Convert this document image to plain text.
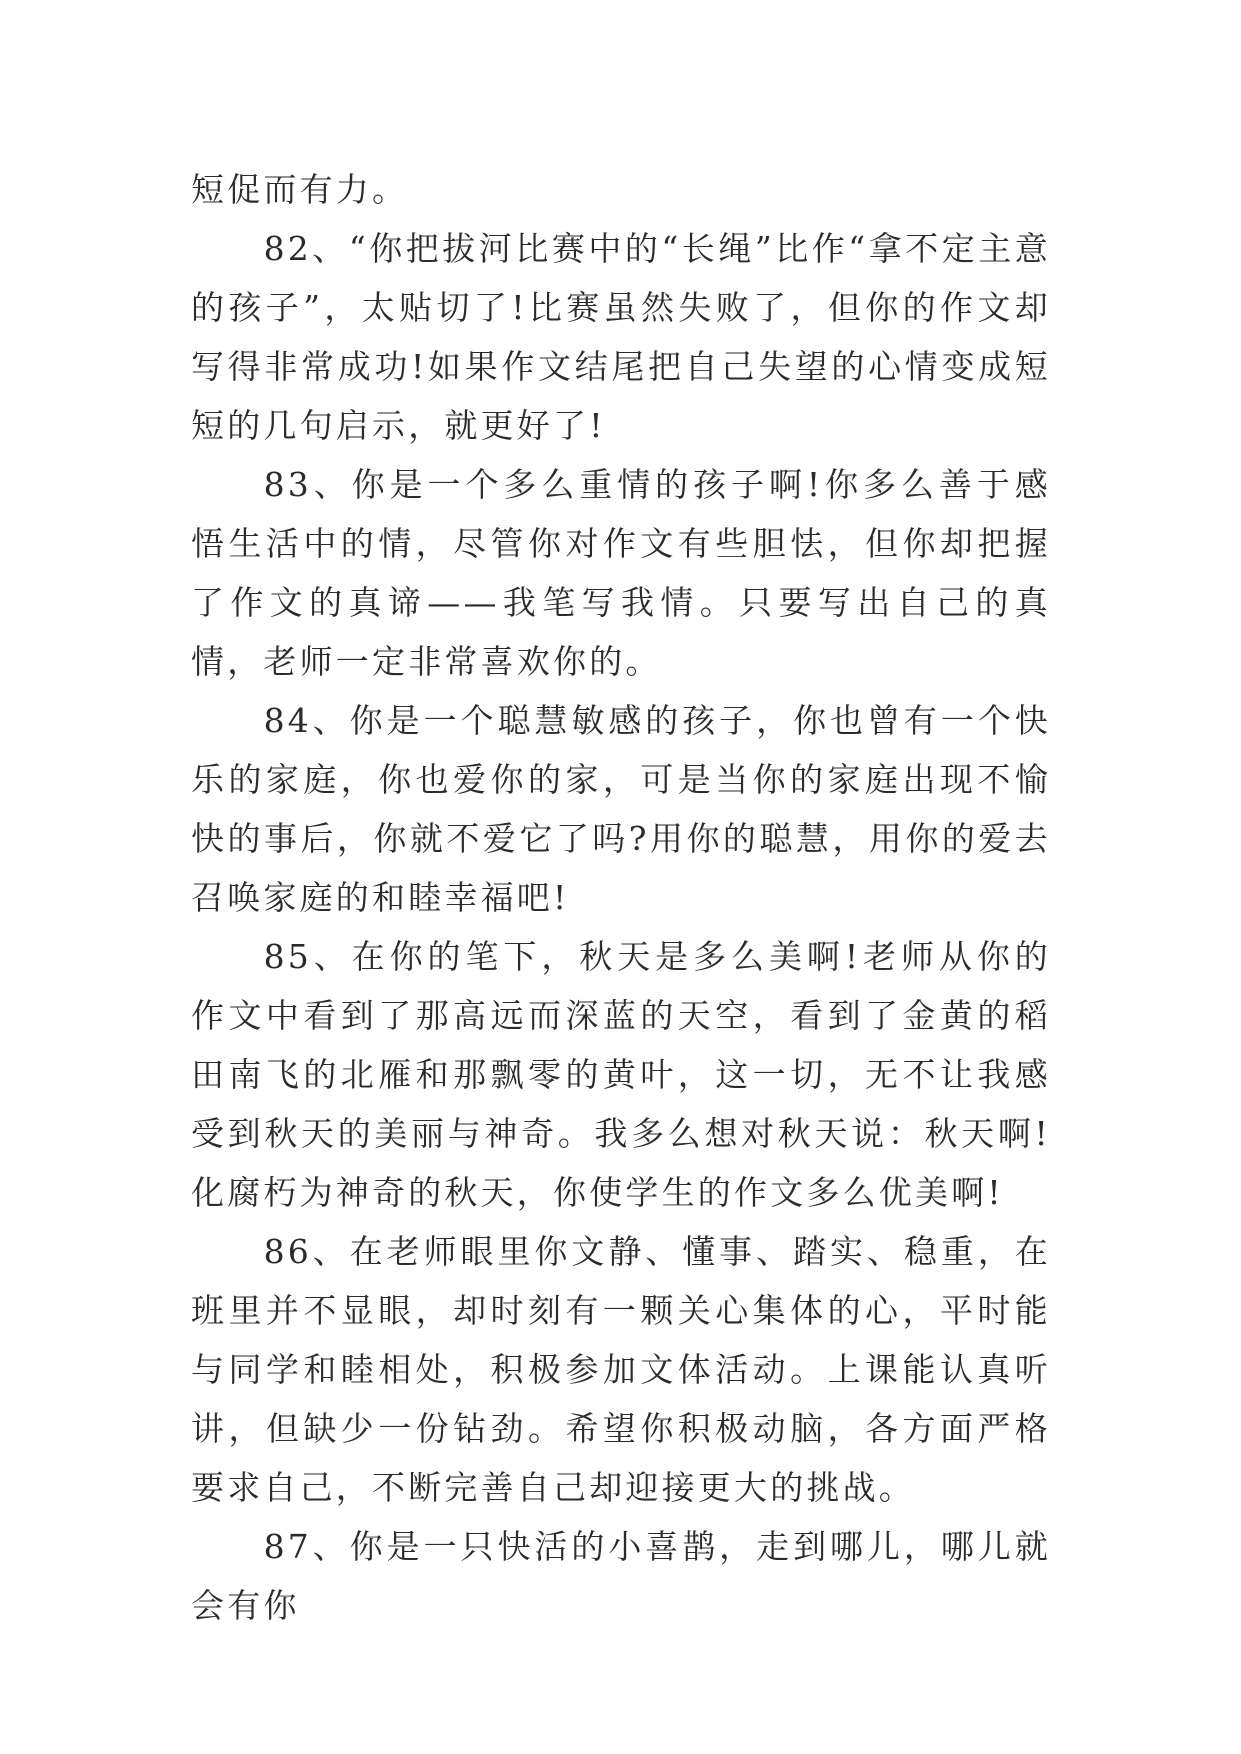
短促而有力。

82、“你把拔河比赛中的“长绳”比作“拿不定主意的孩子”，太贴切了!比赛虽然失败了，但你的作文却写得非常成功!如果作文结尾把自己失望的心情变成短短的几句启示，就更好了!

83、你是一个多么重情的孩子啊!你多么善于感悟生活中的情，尽管你对作文有些胆怯，但你却把握了作文的真谛——我笔写我情。只要写出自己的真情，老师一定非常喜欢你的。

84、你是一个聪慧敏感的孩子，你也曾有一个快乐的家庭，你也爱你的家，可是当你的家庭出现不愉快的事后，你就不爱它了吗?用你的聪慧，用你的爱去召唤家庭的和睦幸福吧!

85、在你的笔下，秋天是多么美啊!老师从你的作文中看到了那高远而深蓝的天空，看到了金黄的稻田南飞的北雁和那飘零的黄叶，这一切，无不让我感受到秋天的美丽与神奇。我多么想对秋天说：秋天啊!化腐朽为神奇的秋天，你使学生的作文多么优美啊!

86、在老师眼里你文静、懂事、踏实、稳重，在班里并不显眼，却时刻有一颗关心集体的心，平时能与同学和睦相处，积极参加文体活动。上课能认真听讲，但缺少一份钻劲。希望你积极动脑，各方面严格要求自己，不断完善自己却迎接更大的挑战。

87、你是一只快活的小喜鹊，走到哪儿，哪儿就会有你
